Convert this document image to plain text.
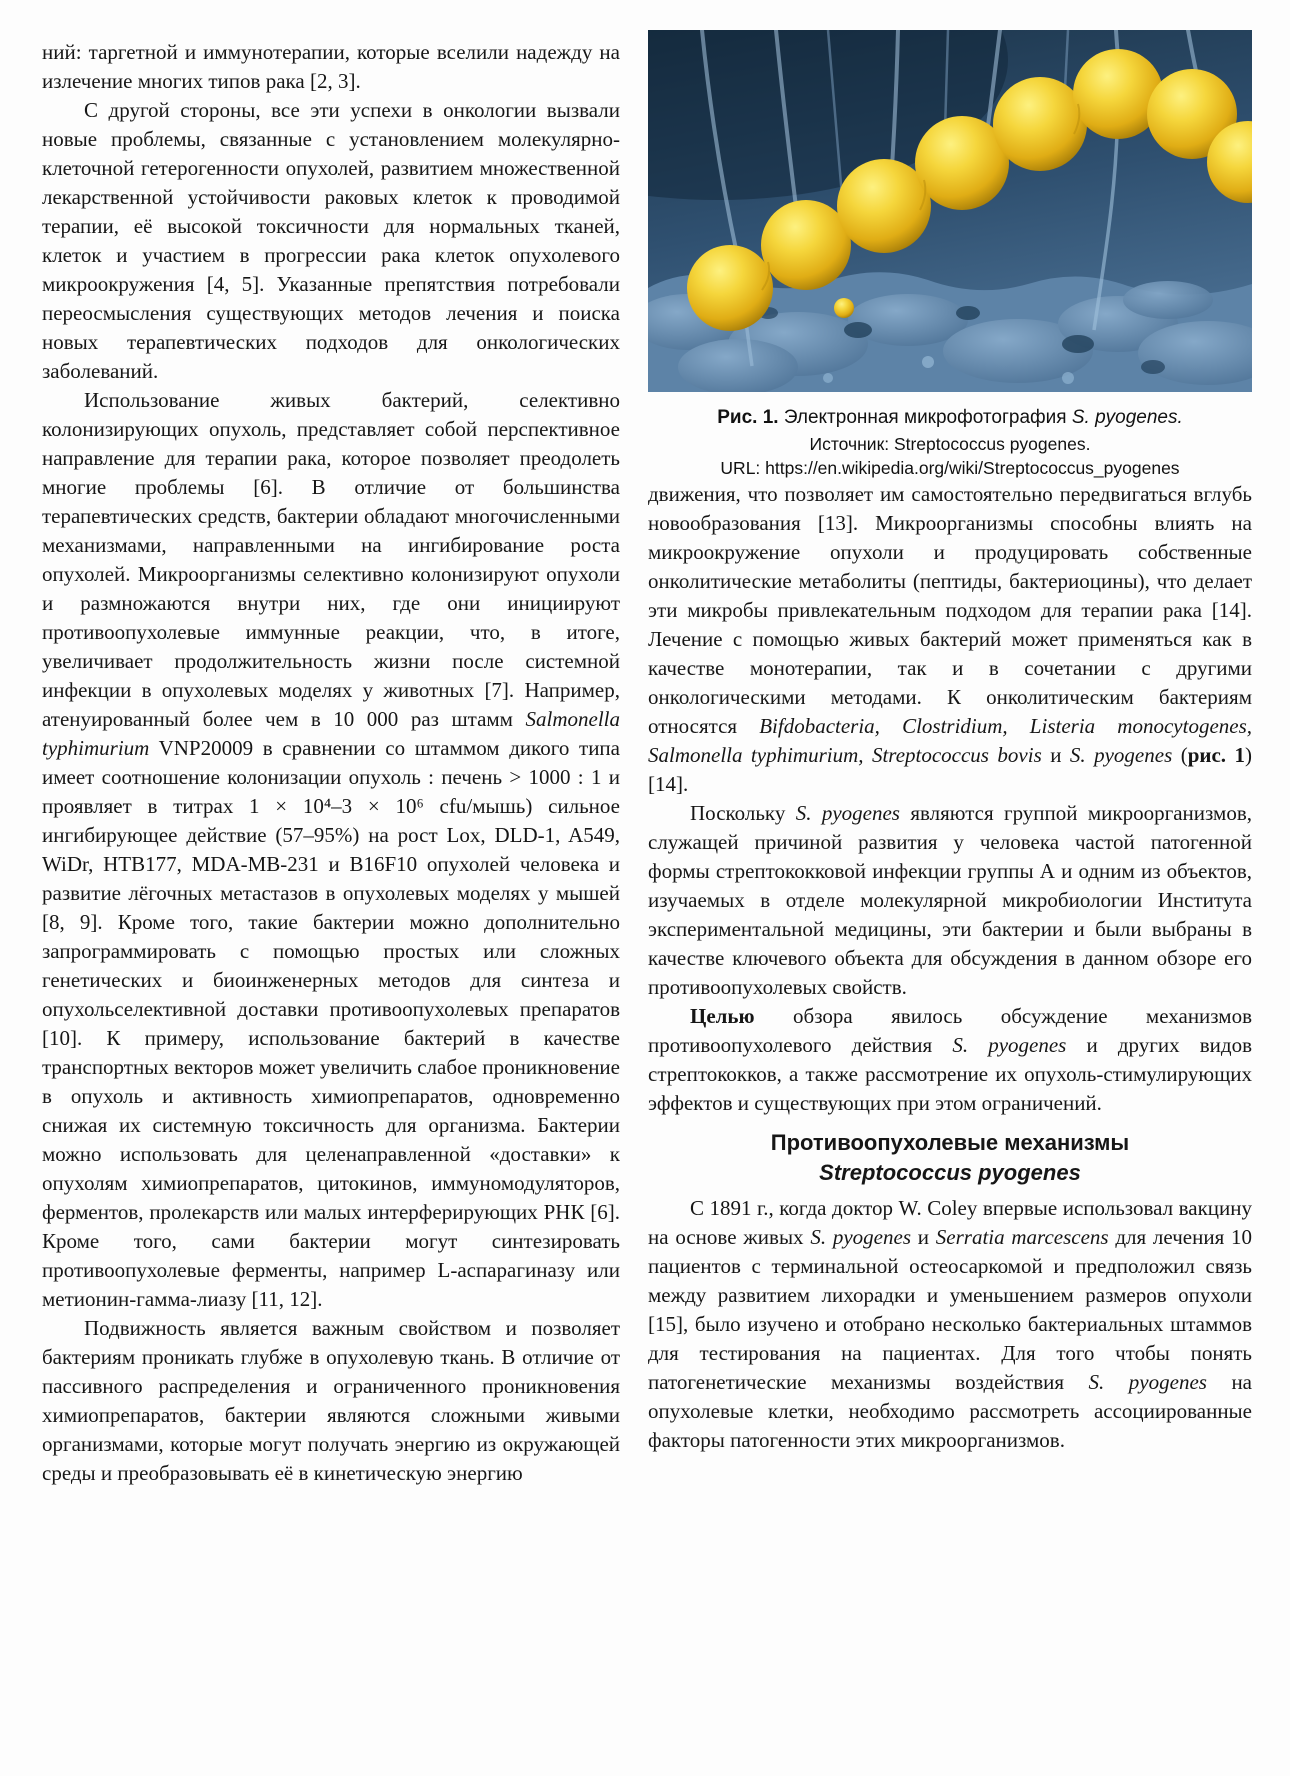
ний: таргетной и иммунотерапии, которые вселили надежду на излечение многих типов рака [2, 3].

С другой стороны, все эти успехи в онкологии вызвали новые проблемы, связанные с установлением молекулярно-клеточной гетерогенности опухолей, развитием множественной лекарственной устойчивости раковых клеток к проводимой терапии, её высокой токсичности для нормальных тканей, клеток и участием в прогрессии рака клеток опухолевого микроокружения [4, 5]. Указанные препятствия потребовали переосмысления существующих методов лечения и поиска новых терапевтических подходов для онкологических заболеваний.

Использование живых бактерий, селективно колонизирующих опухоль, представляет собой перспективное направление для терапии рака, которое позволяет преодолеть многие проблемы [6]. В отличие от большинства терапевтических средств, бактерии обладают многочисленными механизмами, направленными на ингибирование роста опухолей. Микроорганизмы селективно колонизируют опухоли и размножаются внутри них, где они инициируют противоопухолевые иммунные реакции, что, в итоге, увеличивает продолжительность жизни после системной инфекции в опухолевых моделях у животных [7]. Например, атенуированный более чем в 10 000 раз штамм Salmonella typhimurium VNP20009 в сравнении со штаммом дикого типа имеет соотношение колонизации опухоль : печень > 1000 : 1 и проявляет в титрах 1 × 10⁴–3 × 10⁶ cfu/мышь) сильное ингибирующее действие (57–95%) на рост Lox, DLD-1, A549, WiDr, HTB177, MDA-MB-231 и B16F10 опухолей человека и развитие лёгочных метастазов в опухолевых моделях у мышей [8, 9]. Кроме того, такие бактерии можно дополнительно запрограммировать с помощью простых или сложных генетических и биоинженерных методов для синтеза и опухольселективной доставки противоопухолевых препаратов [10]. К примеру, использование бактерий в качестве транспортных векторов может увеличить слабое проникновение в опухоль и активность химиопрепаратов, одновременно снижая их системную токсичность для организма. Бактерии можно использовать для целенаправленной «доставки» к опухолям химиопрепаратов, цитокинов, иммуномодуляторов, ферментов, пролекарств или малых интерферирующих РНК [6]. Кроме того, сами бактерии могут синтезировать противоопухолевые ферменты, например L-аспарагиназу или метионин-гамма-лиазу [11, 12].

Подвижность является важным свойством и позволяет бактериям проникать глубже в опухолевую ткань. В отличие от пассивного распределения и ограниченного проникновения химиопрепаратов, бактерии являются сложными живыми организмами, которые могут получать энергию из окружающей среды и преобразовывать её в кинетическую энергию

Рис. 1. Электронная микрофотография S. pyogenes.
Источник: Streptococcus pyogenes.
URL: https://en.wikipedia.org/wiki/Streptococcus_pyogenes

движения, что позволяет им самостоятельно передвигаться вглубь новообразования [13]. Микроорганизмы способны влиять на микроокружение опухоли и продуцировать собственные онколитические метаболиты (пептиды, бактериоцины), что делает эти микробы привлекательным подходом для терапии рака [14]. Лечение с помощью живых бактерий может применяться как в качестве монотерапии, так и в сочетании с другими онкологическими методами. К онколитическим бактериям относятся Bifdobacteria, Clostridium, Listeria monocytogenes, Salmonella typhimurium, Streptococcus bovis и S. pyogenes (рис. 1) [14].

Поскольку S. pyogenes являются группой микроорганизмов, служащей причиной развития у человека частой патогенной формы стрептококковой инфекции группы А и одним из объектов, изучаемых в отделе молекулярной микробиологии Института экспериментальной медицины, эти бактерии и были выбраны в качестве ключевого объекта для обсуждения в данном обзоре его противоопухолевых свойств.

Целью обзора явилось обсуждение механизмов противоопухолевого действия S. pyogenes и других видов стрептококков, а также рассмотрение их опухоль-стимулирующих эффектов и существующих при этом ограничений.

Противоопухолевые механизмы
Streptococcus pyogenes

С 1891 г., когда доктор W. Coley впервые использовал вакцину на основе живых S. pyogenes и Serratia marcescens для лечения 10 пациентов с терминальной остеосаркомой и предположил связь между развитием лихорадки и уменьшением размеров опухоли [15], было изучено и отобрано несколько бактериальных штаммов для тестирования на пациентах. Для того чтобы понять патогенетические механизмы воздействия S. pyogenes на опухолевые клетки, необходимо рассмотреть ассоциированные факторы патогенности этих микроорганизмов.
